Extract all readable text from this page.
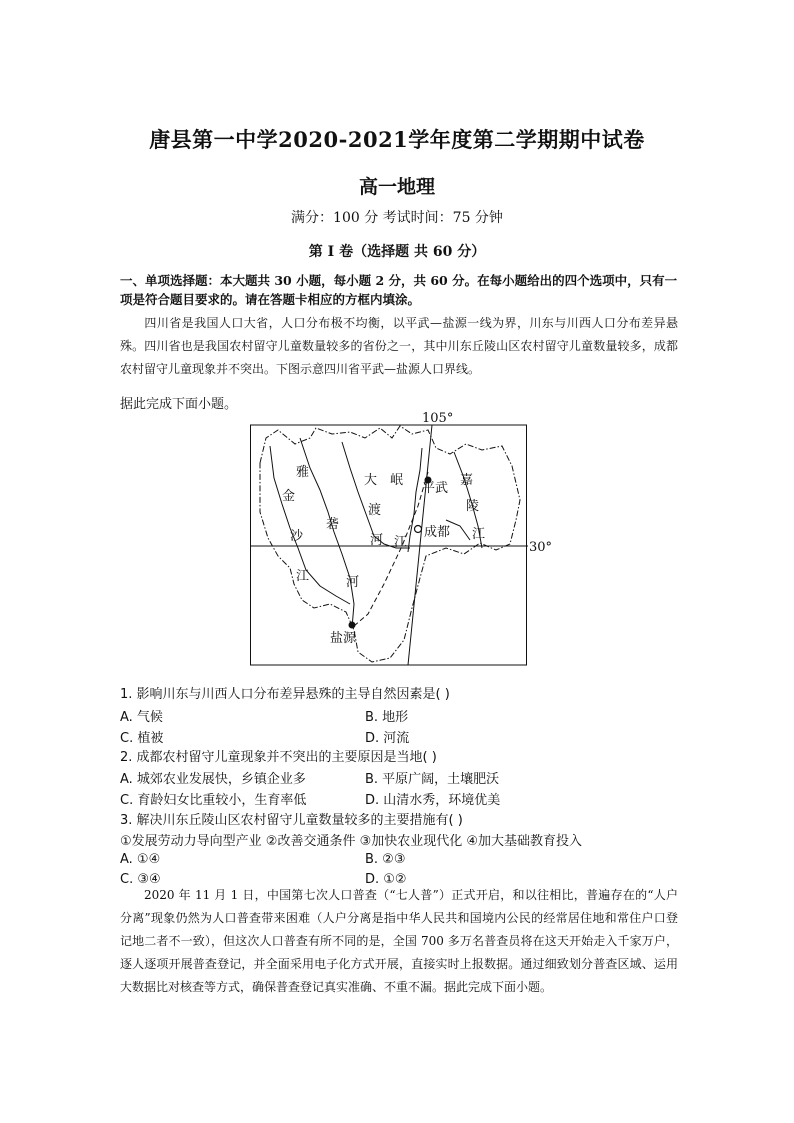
唐县第一中学2020-2021学年度第二学期期中试卷
高一地理
满分：100 分 考试时间：75 分钟
第 I 卷（选择题 共 60 分）
一、单项选择题：本大题共 30 小题，每小题 2 分，共 60 分。在每小题给出的四个选项中，只有一项是符合题目要求的。请在答题卡相应的方框内填涂。
四川省是我国人口大省，人口分布极不均衡，以平武—盐源一线为界，川东与川西人口分布差异悬殊。四川省也是我国农村留守儿童数量较多的省份之一，其中川东丘陵山区农村留守儿童数量较多，成都农村留守儿童现象并不突出。下图示意四川省平武—盐源人口界线。
据此完成下面小题。
105°
30°
金
沙
江
雅
砻
河
大
渡
河
岷
江
嘉
陵
江
平武
成都
盐源
1. 影响川东与川西人口分布差异悬殊的主导自然因素是( )
A. 气候	B. 地形
C. 植被	D. 河流
2. 成都农村留守儿童现象并不突出的主要原因是当地( )
A. 城郊农业发展快，乡镇企业多	B. 平原广阔，土壤肥沃
C. 育龄妇女比重较小，生育率低	D. 山清水秀，环境优美
3. 解决川东丘陵山区农村留守儿童数量较多的主要措施有( )
①发展劳动力导向型产业 ②改善交通条件 ③加快农业现代化 ④加大基础教育投入
A. ①④	B. ②③
C. ③④	D. ①②
2020 年 11 月 1 日，中国第七次人口普查（“七人普”）正式开启，和以往相比，普遍存在的“人户分离”现象仍然为人口普查带来困难（人户分离是指中华人民共和国境内公民的经常居住地和常住户口登记地二者不一致），但这次人口普查有所不同的是，全国 700 多万名普查员将在这天开始走入千家万户，逐人逐项开展普查登记，并全面采用电子化方式开展，直接实时上报数据。通过细致划分普查区域、运用大数据比对核查等方式，确保普查登记真实准确、不重不漏。据此完成下面小题。
